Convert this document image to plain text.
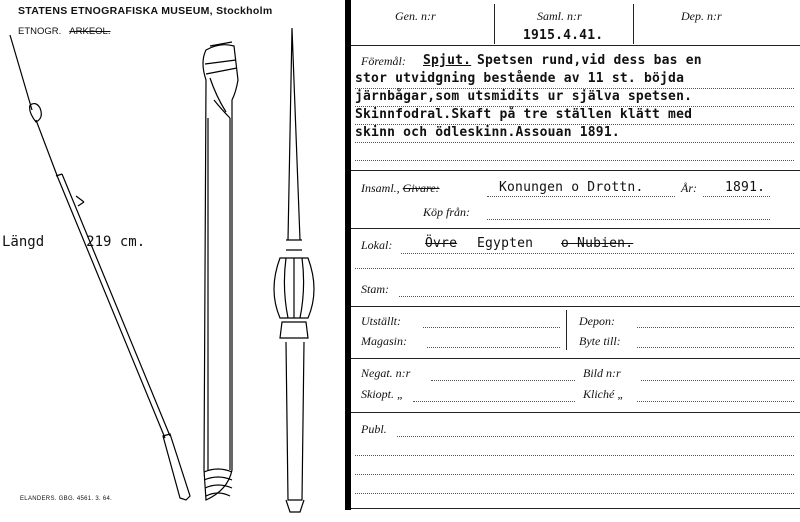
STATENS ETNOGRAFISKA MUSEUM, Stockholm
ETNOGR. ARKEOL.
Längd	219 cm.
ELANDERS. GBG. 4561. 3. 64.
Gen. n:r	Saml. n:r	Dep. n:r
1915.4.41.
Föremål: Spjut. Spetsen rund,vid dess bas en
stor utvidgning bestående av 11 st. böjda
järnbågar,som utsmidits ur själva spetsen.
Skinnfodral.Skaft på tre ställen klätt med
skinn och ödleskinn.Assouan 1891.
Insaml., Givare:	Konungen o Drottn.	År: 1891.
Köp från:
Lokal:	Övre Egypten o Nubien.
Stam:
Utställt:	Depon:
Magasin:	Byte till:
Negat. n:r	Bild n:r
Skiopt. „	Kliché „
Publ.
